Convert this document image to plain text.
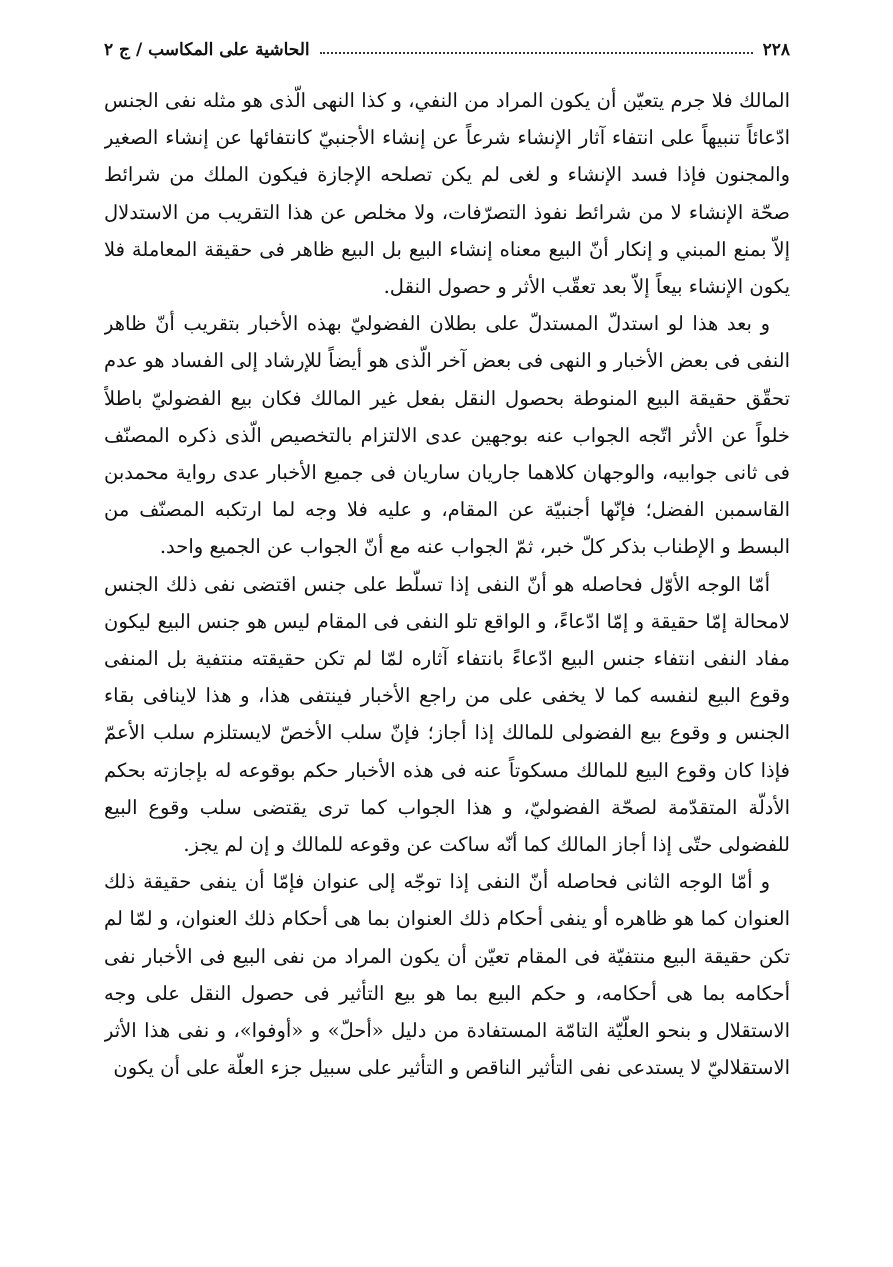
٢٢٨
الحاشية على المكاسب / ج ٢

المالك فلا جرم يتعيّن أن يكون المراد من النفي، و كذا النهى الّذى هو مثله نفى الجنس ادّعائاً تنبيهاً على انتفاء آثار الإنشاء شرعاً عن إنشاء الأجنبيّ كانتفائها عن إنشاء الصغير والمجنون فإذا فسد الإنشاء و لغى لم يكن تصلحه الإجازة فيكون الملك من شرائط صحّة الإنشاء لا من شرائط نفوذ التصرّفات، ولا مخلص عن هذا التقريب من الاستدلال إلاّ بمنع المبني و إنكار أنّ البيع معناه إنشاء البيع بل البيع ظاهر فى حقيقة المعاملة فلا يكون الإنشاء بيعاً إلاّ بعد تعقّب الأثر و حصول النقل.

و بعد هذا لو استدلّ المستدلّ على بطلان الفضوليّ بهذه الأخبار بتقريب أنّ ظاهر النفى فى بعض الأخبار و النهى فى بعض آخر الّذى هو أيضاً للإرشاد إلى الفساد هو عدم تحقّق حقيقة البيع المنوطة بحصول النقل بفعل غير المالك فكان بيع الفضوليّ باطلاً خلواً عن الأثر اتّجه الجواب عنه بوجهين عدى الالتزام بالتخصيص الّذى ذكره المصنّف فى ثانى جوابيه، والوجهان كلاهما جاريان ساريان فى جميع الأخبار عدى رواية محمدبن القاسمبن الفضل؛ فإنّها أجنبيّة عن المقام، و عليه فلا وجه لما ارتكبه المصنّف من البسط و الإطناب بذكر كلّ خبر، ثمّ الجواب عنه مع أنّ الجواب عن الجميع واحد.

أمّا الوجه الأوّل فحاصله هو أنّ النفى إذا تسلّط على جنس اقتضى نفى ذلك الجنس لامحالة إمّا حقيقة و إمّا ادّعاءً، و الواقع تلو النفى فى المقام ليس هو جنس البيع ليكون مفاد النفى انتفاء جنس البيع ادّعاءً بانتفاء آثاره لمّا لم تكن حقيقته منتفية بل المنفى وقوع البيع لنفسه كما لا يخفى على من راجع الأخبار فينتفى هذا، و هذا لاينافى بقاء الجنس و وقوع بيع الفضولى للمالك إذا أجاز؛ فإنّ سلب الأخصّ لايستلزم سلب الأعمّ فإذا كان وقوع البيع للمالك مسكوتاً عنه فى هذه الأخبار حكم بوقوعه له بإجازته بحكم الأدلّة المتقدّمة لصحّة الفضوليّ، و هذا الجواب كما ترى يقتضى سلب وقوع البيع للفضولى حتّى إذا أجاز المالك كما أنّه ساكت عن وقوعه للمالك و إن لم يجز.

و أمّا الوجه الثانى فحاصله أنّ النفى إذا توجّه إلى عنوان فإمّا أن ينفى حقيقة ذلك العنوان كما هو ظاهره أو ينفى أحكام ذلك العنوان بما هى أحكام ذلك العنوان، و لمّا لم تكن حقيقة البيع منتفيّة فى المقام تعيّن أن يكون المراد من نفى البيع فى الأخبار نفى أحكامه بما هى أحكامه، و حكم البيع بما هو بيع التأثير فى حصول النقل على وجه الاستقلال و بنحو العلّيّة التامّة المستفادة من دليل «أحلّ» و «أوفوا»، و نفى هذا الأثر الاستقلاليّ لا يستدعى نفى التأثير الناقص و التأثير على سبيل جزء العلّة على أن يكون
